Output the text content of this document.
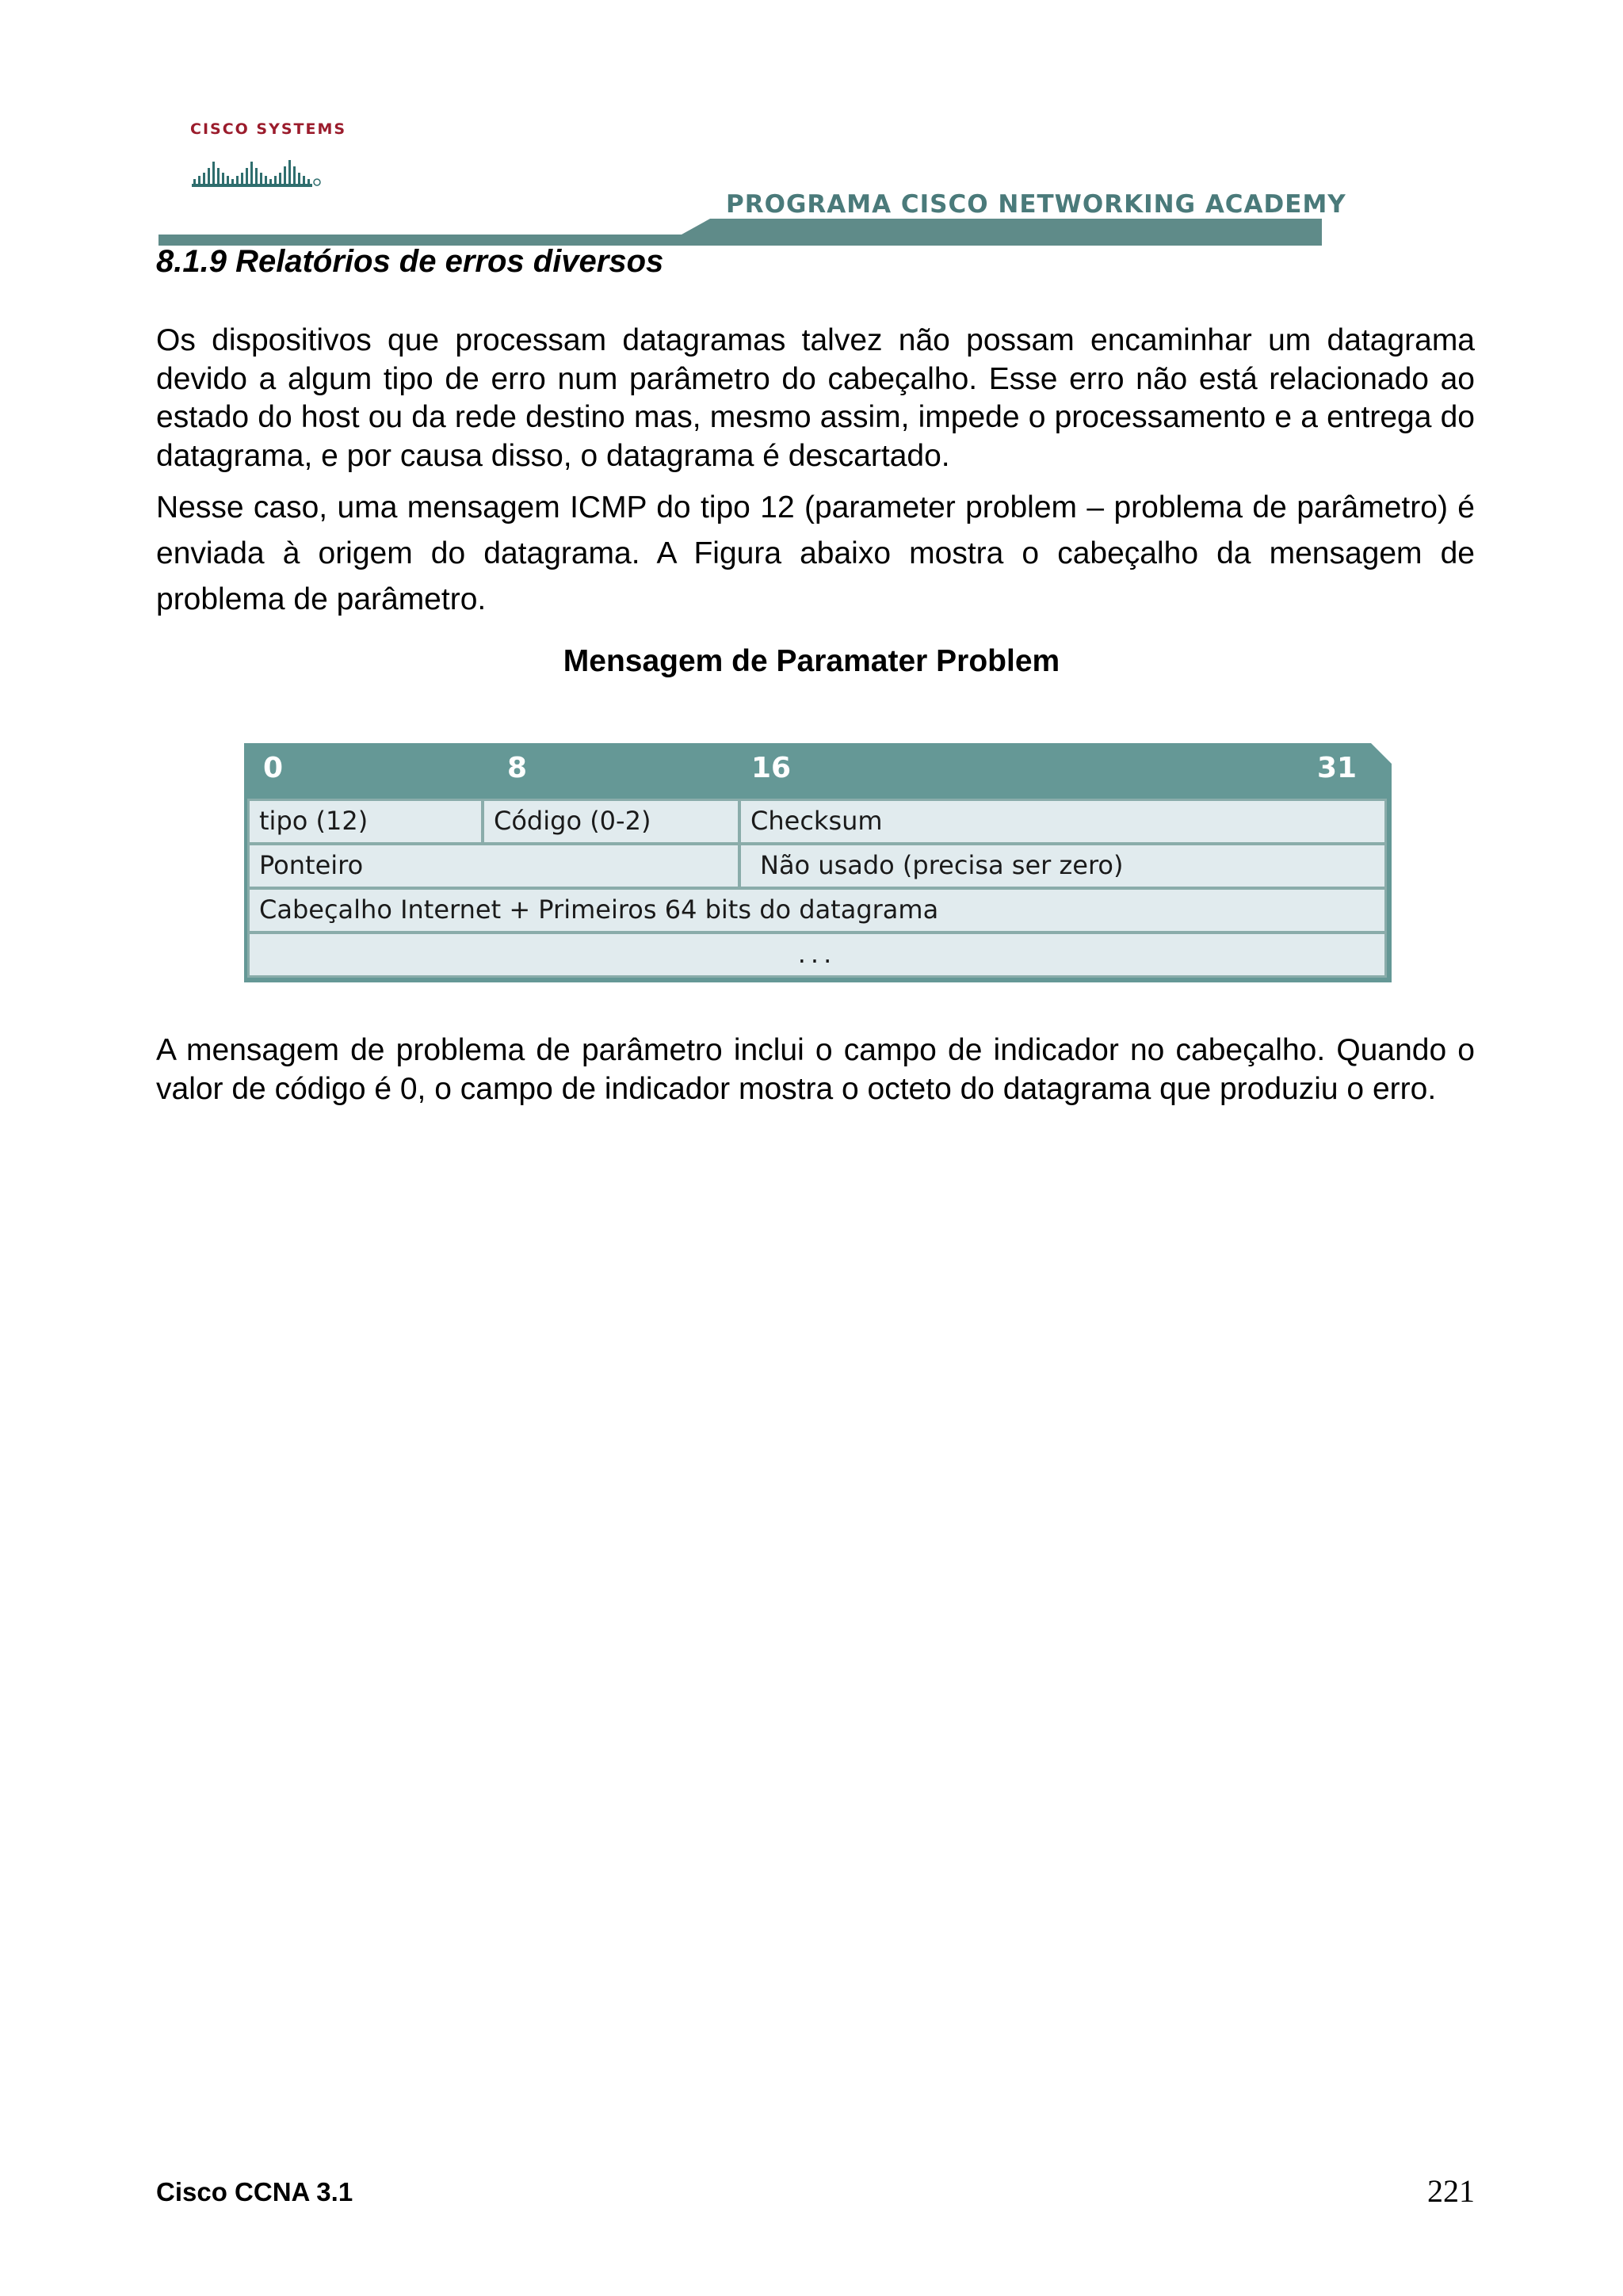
CISCO SYSTEMS

PROGRAMA CISCO NETWORKING ACADEMY

8.1.9 Relatórios de erros diversos

Os dispositivos que processam datagramas talvez não possam encaminhar um datagrama devido a algum tipo de erro num parâmetro do cabeçalho. Esse erro não está relacionado ao estado do host ou da rede destino mas, mesmo assim, impede o processamento e a entrega do datagrama, e por causa disso, o datagrama é descartado.

Nesse caso, uma mensagem ICMP do tipo 12 (parameter problem – problema de parâmetro) é enviada à origem do datagrama. A Figura abaixo mostra o cabeçalho da mensagem de problema de parâmetro.

Mensagem de Paramater Problem

0	8	16	31

tipo (12)	Código (0-2)	Checksum
Ponteiro	Não usado (precisa ser zero)
Cabeçalho Internet + Primeiros 64 bits do datagrama
...

A mensagem de problema de parâmetro inclui o campo de indicador no cabeçalho. Quando o valor de código é 0, o campo de indicador mostra o octeto do datagrama que produziu o erro.

Cisco CCNA 3.1	221
